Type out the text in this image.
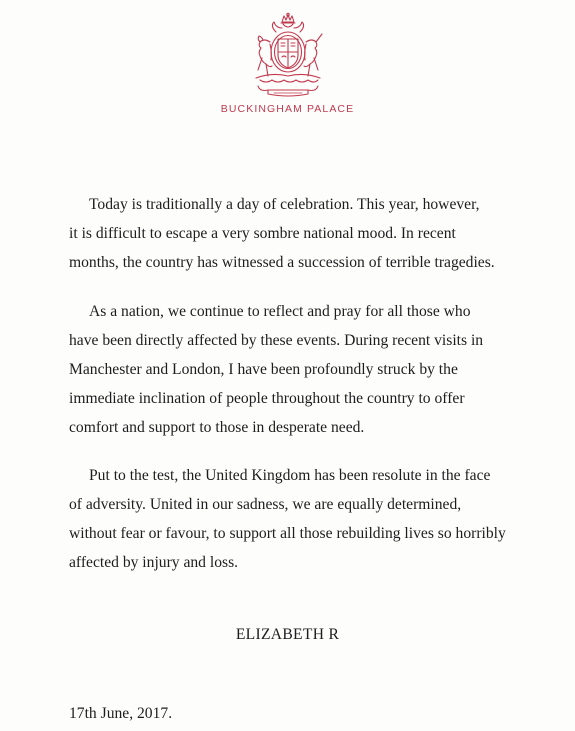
BUCKINGHAM PALACE

Today is traditionally a day of celebration. This year, however,
it is difficult to escape a very sombre national mood. In recent
months, the country has witnessed a succession of terrible tragedies.

As a nation, we continue to reflect and pray for all those who
have been directly affected by these events. During recent visits in
Manchester and London, I have been profoundly struck by the
immediate inclination of people throughout the country to offer
comfort and support to those in desperate need.

Put to the test, the United Kingdom has been resolute in the face
of adversity. United in our sadness, we are equally determined,
without fear or favour, to support all those rebuilding lives so horribly
affected by injury and loss.

ELIZABETH R
17th June, 2017.
